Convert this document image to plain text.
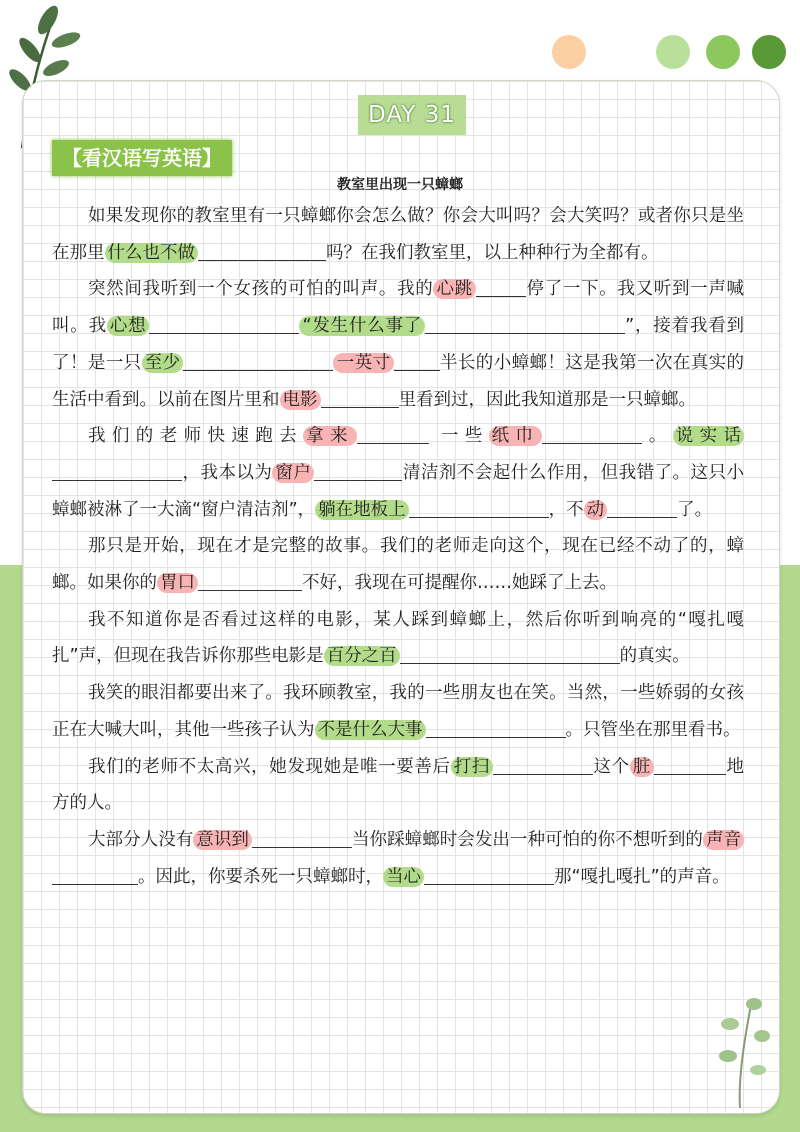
DAY 31
【看汉语写英语】
教室里出现一只蟑螂

如果发现你的教室里有一只蟑螂你会怎么做？你会大叫吗？会大笑吗？或者你只是坐在那里 什么也不做	吗？在我们教室里，以上种种行为全都有。

突然间我听到一个女孩的可怕的叫声。我的 心跳	停了一下。我又听到一声喊叫。我 心想	“发生什么事了	”，接着我看到了！是一只 至少	一英寸	半长的小蟑螂！这是我第一次在真实的生活中看到。以前在图片里和 电影	里看到过，因此我知道那是一只蟑螂。

我们的老师快速跑去 拿来	一些 纸巾	。 说实话，我本以为 窗户	清洁剂不会起什么作用，但我错了。这只小蟑螂被淋了一大滴“窗户清洁剂”， 躺在地板上	，不 动	了。

那只是开始，现在才是完整的故事。我们的老师走向这个，现在已经不动了的，蟑螂。如果你的 胃口	不好，我现在可提醒你……她踩了上去。

我不知道你是否看过这样的电影，某人踩到蟑螂上，然后你听到响亮的“嘎扎嘎扎”声，但现在我告诉你那些电影是 百分之百	的真实。

我笑的眼泪都要出来了。我环顾教室，我的一些朋友也在笑。当然，一些娇弱的女孩正在大喊大叫，其他一些孩子认为 不是什么大事	。只管坐在那里看书。

我们的老师不太高兴，她发现她是唯一要善后 打扫	这个 脏	地方的人。

大部分人没有 意识到	当你踩蟑螂时会发出一种可怕的你不想听到的 声音。因此，你要杀死一只蟑螂时， 当心	那“嘎扎嘎扎”的声音。
